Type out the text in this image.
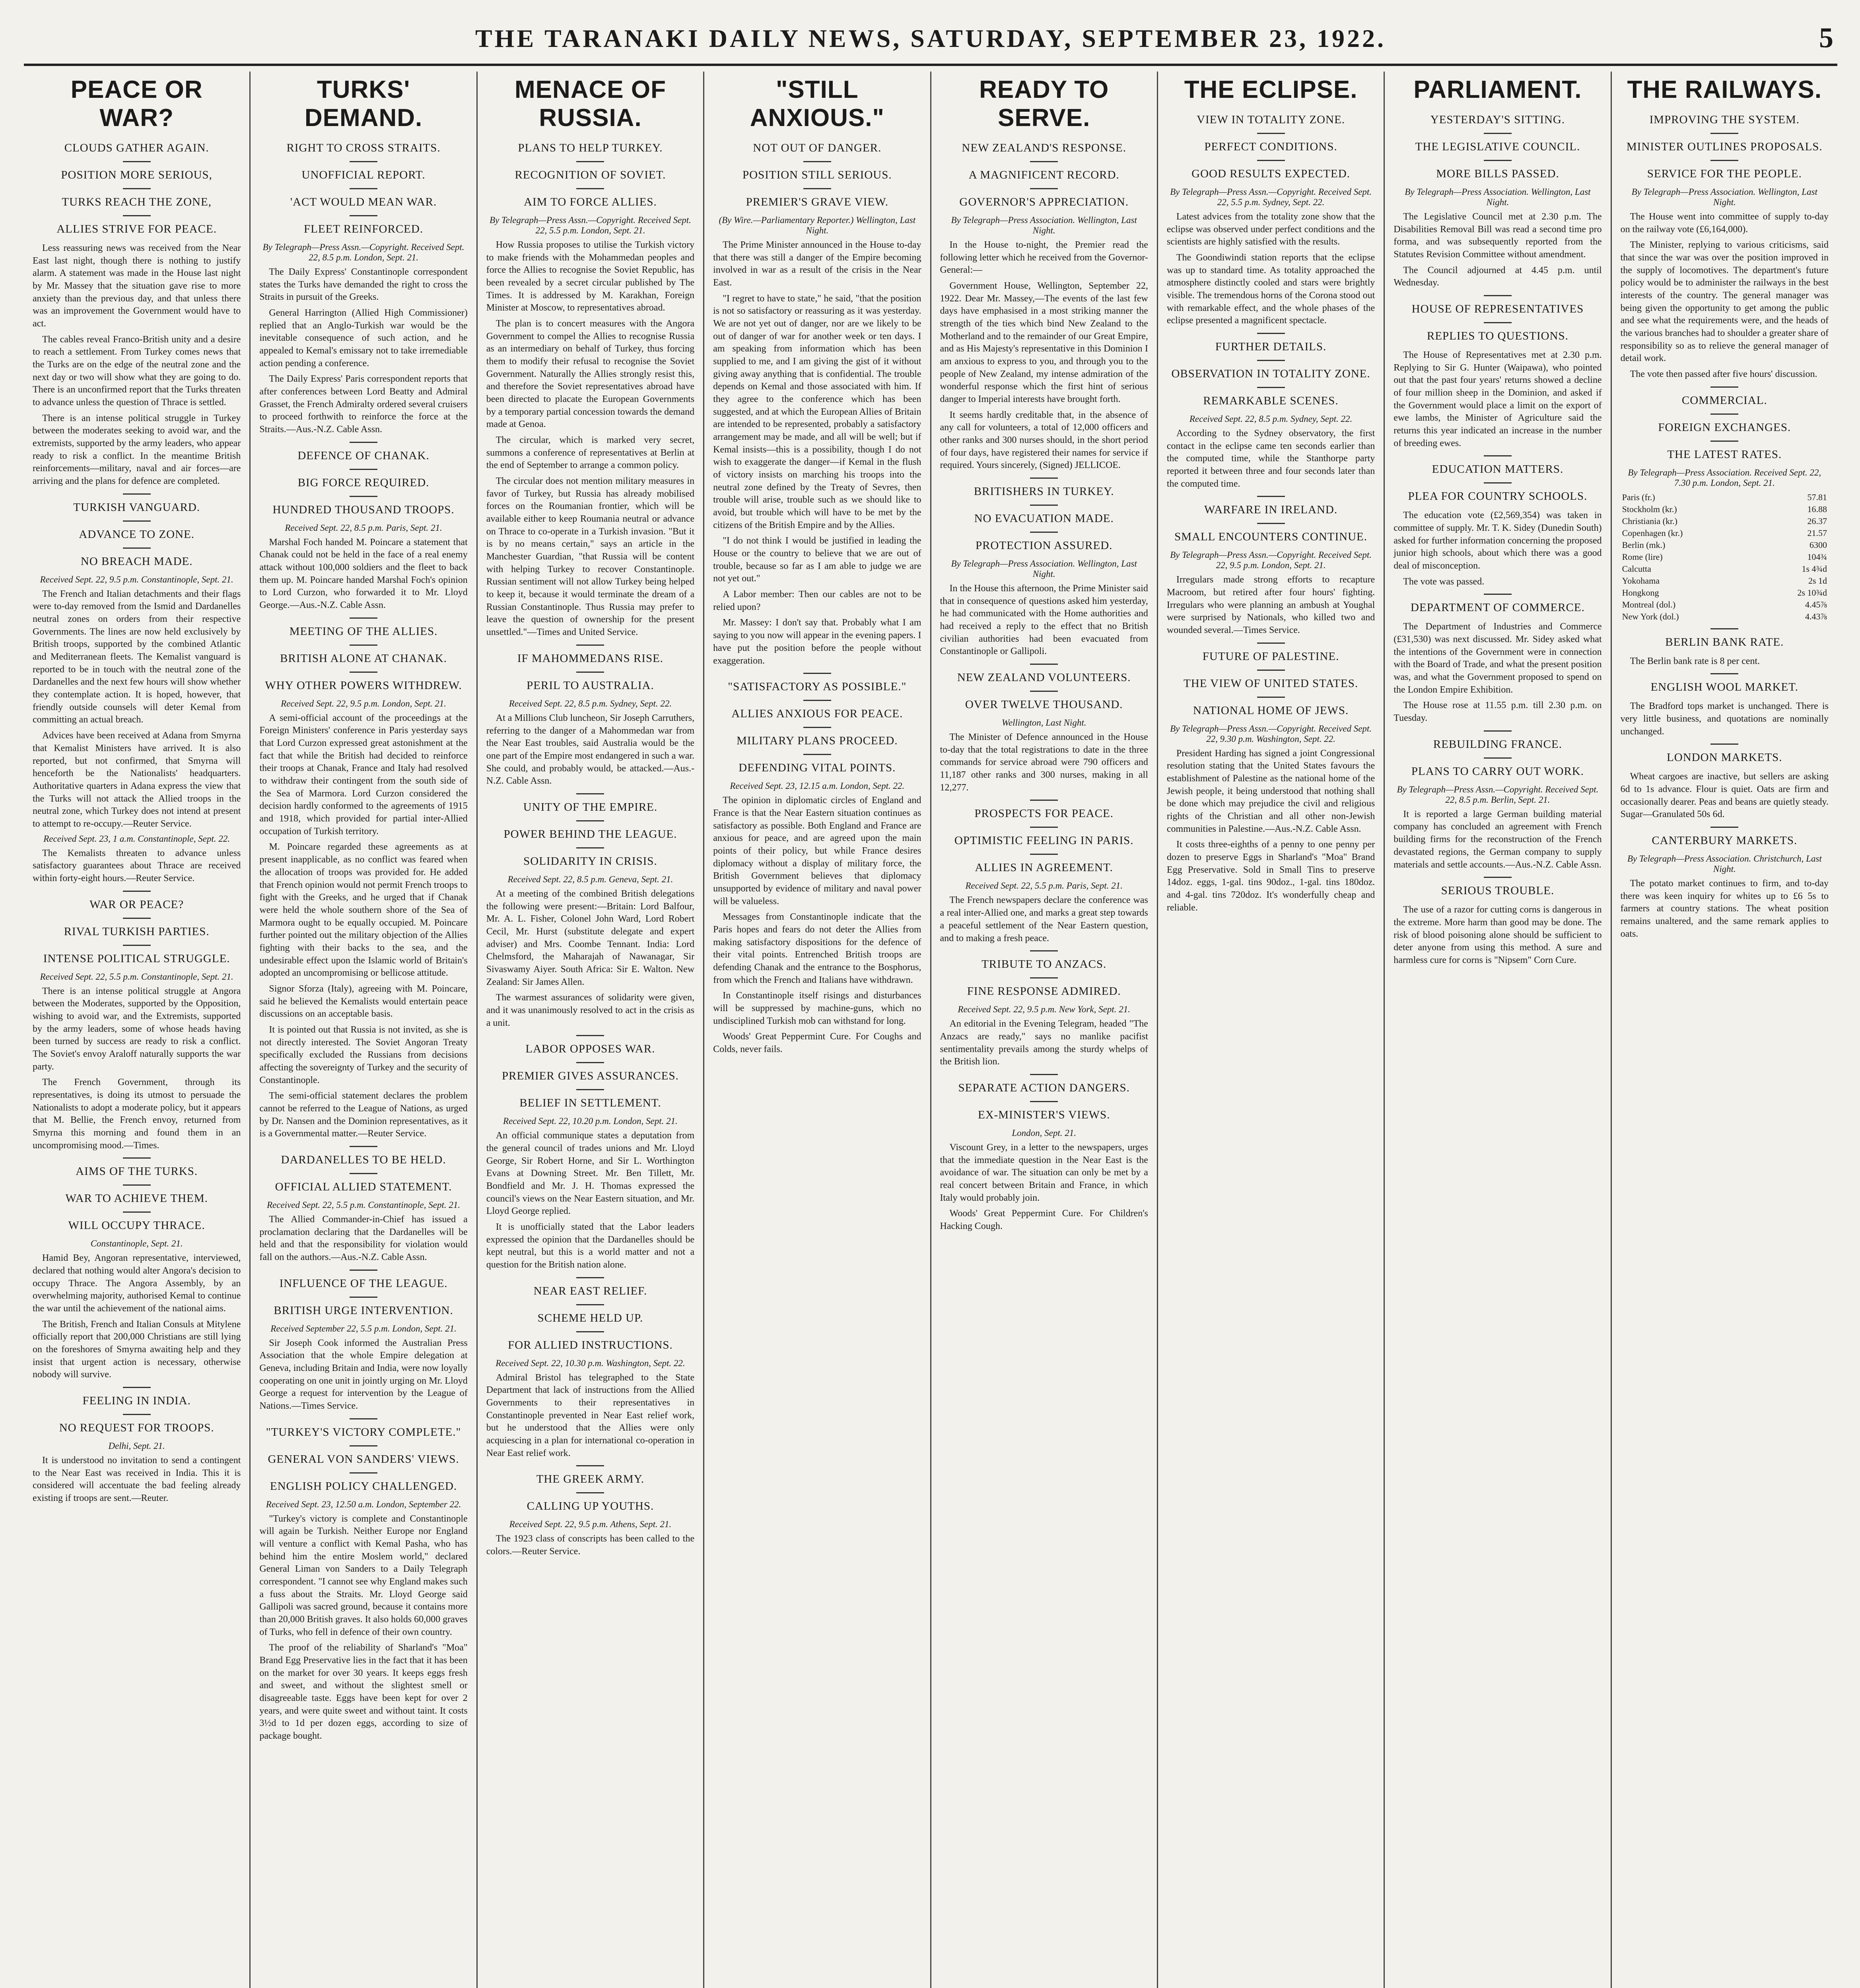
THE TARANAKI DAILY NEWS, SATURDAY, SEPTEMBER 23, 1922.	5
PEACE OR WAR?
CLOUDS GATHER AGAIN.
POSITION MORE SERIOUS,
TURKS REACH THE ZONE,
ALLIES STRIVE FOR PEACE.

Less reassuring news was received from the Near East last night, though there is nothing to justify alarm. A statement was made in the House last night by Mr. Massey that the situation gave rise to more anxiety than the previous day, and that unless there was an improvement the Government would have to act.

The cables reveal Franco-British unity and a desire to reach a settlement. From Turkey comes news that the Turks are on the edge of the neutral zone and the next day or two will show what they are going to do. There is an unconfirmed report that the Turks threaten to advance unless the question of Thrace is settled.

There is an intense political struggle in Turkey between the moderates seeking to avoid war, and the extremists, supported by the army leaders, who appear ready to risk a conflict. In the meantime British reinforcements—military, naval and air forces—are arriving and the plans for defence are completed.

TURKISH VANGUARD.
ADVANCE TO ZONE.
NO BREACH MADE.
Received Sept. 22, 9.5 p.m. Constantinople, Sept. 21.

The French and Italian detachments and their flags were to-day removed from the Ismid and Dardanelles neutral zones on orders from their respective Governments. The lines are now held exclusively by British troops, supported by the combined Atlantic and Mediterranean fleets. The Kemalist vanguard is reported to be in touch with the neutral zone of the Dardanelles and the next few hours will show whether they contemplate action. It is hoped, however, that friendly outside counsels will deter Kemal from committing an actual breach.

Advices have been received at Adana from Smyrna that Kemalist Ministers have arrived. It is also reported, but not confirmed, that Smyrna will henceforth be the Nationalists' headquarters. Authoritative quarters in Adana express the view that the Turks will not attack the Allied troops in the neutral zone, which Turkey does not intend at present to attempt to re-occupy.—Reuter Service.

Received Sept. 23, 1 a.m. Constantinople, Sept. 22.

The Kemalists threaten to advance unless satisfactory guarantees about Thrace are received within forty-eight hours.—Reuter Service.

WAR OR PEACE?
RIVAL TURKISH PARTIES.
INTENSE POLITICAL STRUGGLE.
Received Sept. 22, 5.5 p.m. Constantinople, Sept. 21.

There is an intense political struggle at Angora between the Moderates, supported by the Opposition, wishing to avoid war, and the Extremists, supported by the army leaders, some of whose heads having been turned by success are ready to risk a conflict. The Soviet's envoy Araloff naturally supports the war party.

The French Government, through its representatives, is doing its utmost to persuade the Nationalists to adopt a moderate policy, but it appears that M. Bellie, the French envoy, returned from Smyrna this morning and found them in an uncompromising mood.—Times.

AIMS OF THE TURKS.
WAR TO ACHIEVE THEM.
WILL OCCUPY THRACE.
Constantinople, Sept. 21.

Hamid Bey, Angoran representative, interviewed, declared that nothing would alter Angora's decision to occupy Thrace. The Angora Assembly, by an overwhelming majority, authorised Kemal to continue the war until the achievement of the national aims.

The British, French and Italian Consuls at Mitylene officially report that 200,000 Christians are still lying on the foreshores of Smyrna awaiting help and they insist that urgent action is necessary, otherwise nobody will survive.

FEELING IN INDIA.
NO REQUEST FOR TROOPS.
Delhi, Sept. 21.

It is understood no invitation to send a contingent to the Near East was received in India. This it is considered will accentuate the bad feeling already existing if troops are sent.—Reuter.

TURKS' DEMAND.
RIGHT TO CROSS STRAITS.
UNOFFICIAL REPORT.
'ACT WOULD MEAN WAR.
FLEET REINFORCED.
By Telegraph—Press Assn.—Copyright. Received Sept. 22, 8.5 p.m. London, Sept. 21.

The Daily Express' Constantinople correspondent states the Turks have demanded the right to cross the Straits in pursuit of the Greeks.

General Harrington (Allied High Commissioner) replied that an Anglo-Turkish war would be the inevitable consequence of such action, and he appealed to Kemal's emissary not to take irremediable action pending a conference.

The Daily Express' Paris correspondent reports that after conferences between Lord Beatty and Admiral Grasset, the French Admiralty ordered several cruisers to proceed forthwith to reinforce the force at the Straits.—Aus.-N.Z. Cable Assn.

DEFENCE OF CHANAK.
BIG FORCE REQUIRED.
HUNDRED THOUSAND TROOPS.
Received Sept. 22, 8.5 p.m. Paris, Sept. 21.

Marshal Foch handed M. Poincare a statement that Chanak could not be held in the face of a real enemy attack without 100,000 soldiers and the fleet to back them up. M. Poincare handed Marshal Foch's opinion to Lord Curzon, who forwarded it to Mr. Lloyd George.—Aus.-N.Z. Cable Assn.

MEETING OF THE ALLIES.
BRITISH ALONE AT CHANAK.
WHY OTHER POWERS WITHDREW.
Received Sept. 22, 9.5 p.m. London, Sept. 21.

A semi-official account of the proceedings at the Foreign Ministers' conference in Paris yesterday says that Lord Curzon expressed great astonishment at the fact that while the British had decided to reinforce their troops at Chanak, France and Italy had resolved to withdraw their contingent from the south side of the Sea of Marmora. Lord Curzon considered the decision hardly conformed to the agreements of 1915 and 1918, which provided for partial inter-Allied occupation of Turkish territory.

M. Poincare regarded these agreements as at present inapplicable, as no conflict was feared when the allocation of troops was provided for. He added that French opinion would not permit French troops to fight with the Greeks, and he urged that if Chanak were held the whole southern shore of the Sea of Marmora ought to be equally occupied. M. Poincare further pointed out the military objection of the Allies fighting with their backs to the sea, and the undesirable effect upon the Islamic world of Britain's adopted an uncompromising or bellicose attitude.

Signor Sforza (Italy), agreeing with M. Poincare, said he believed the Kemalists would entertain peace discussions on an acceptable basis.

It is pointed out that Russia is not invited, as she is not directly interested. The Soviet Angoran Treaty specifically excluded the Russians from decisions affecting the sovereignty of Turkey and the security of Constantinople.

The semi-official statement declares the problem cannot be referred to the League of Nations, as urged by Dr. Nansen and the Dominion representatives, as it is a Governmental matter.—Reuter Service.

DARDANELLES TO BE HELD.
OFFICIAL ALLIED STATEMENT.
Received Sept. 22, 5.5 p.m. Constantinople, Sept. 21.

The Allied Commander-in-Chief has issued a proclamation declaring that the Dardanelles will be held and that the responsibility for violation would fall on the authors.—Aus.-N.Z. Cable Assn.

INFLUENCE OF THE LEAGUE.
BRITISH URGE INTERVENTION.
Received September 22, 5.5 p.m. London, Sept. 21.

Sir Joseph Cook informed the Australian Press Association that the whole Empire delegation at Geneva, including Britain and India, were now loyally cooperating on one unit in jointly urging on Mr. Lloyd George a request for intervention by the League of Nations.—Times Service.

"TURKEY'S VICTORY COMPLETE."
GENERAL VON SANDERS' VIEWS.
ENGLISH POLICY CHALLENGED.
Received Sept. 23, 12.50 a.m. London, September 22.

"Turkey's victory is complete and Constantinople will again be Turkish. Neither Europe nor England will venture a conflict with Kemal Pasha, who has behind him the entire Moslem world," declared General Liman von Sanders to a Daily Telegraph correspondent. "I cannot see why England makes such a fuss about the Straits. Mr. Lloyd George said Gallipoli was sacred ground, because it contains more than 20,000 British graves. It also holds 60,000 graves of Turks, who fell in defence of their own country.

The proof of the reliability of Sharland's "Moa" Brand Egg Preservative lies in the fact that it has been on the market for over 30 years. It keeps eggs fresh and sweet, and without the slightest smell or disagreeable taste. Eggs have been kept for over 2 years, and were quite sweet and without taint. It costs 3½d to 1d per dozen eggs, according to size of package bought.

MENACE OF RUSSIA.
PLANS TO HELP TURKEY.
RECOGNITION OF SOVIET.
AIM TO FORCE ALLIES.
By Telegraph—Press Assn.—Copyright. Received Sept. 22, 5.5 p.m. London, Sept. 21.

How Russia proposes to utilise the Turkish victory to make friends with the Mohammedan peoples and force the Allies to recognise the Soviet Republic, has been revealed by a secret circular published by The Times. It is addressed by M. Karakhan, Foreign Minister at Moscow, to representatives abroad.

The plan is to concert measures with the Angora Government to compel the Allies to recognise Russia as an intermediary on behalf of Turkey, thus forcing them to modify their refusal to recognise the Soviet Government. Naturally the Allies strongly resist this, and therefore the Soviet representatives abroad have been directed to placate the European Governments by a temporary partial concession towards the demand made at Genoa.

The circular, which is marked very secret, summons a conference of representatives at Berlin at the end of September to arrange a common policy.

The circular does not mention military measures in favor of Turkey, but Russia has already mobilised forces on the Roumanian frontier, which will be available either to keep Roumania neutral or advance on Thrace to co-operate in a Turkish invasion. "But it is by no means certain," says an article in the Manchester Guardian, "that Russia will be content with helping Turkey to recover Constantinople. Russian sentiment will not allow Turkey being helped to keep it, because it would terminate the dream of a Russian Constantinople. Thus Russia may prefer to leave the question of ownership for the present unsettled."—Times and United Service.

IF MAHOMMEDANS RISE.
PERIL TO AUSTRALIA.
Received Sept. 22, 8.5 p.m. Sydney, Sept. 22.

At a Millions Club luncheon, Sir Joseph Carruthers, referring to the danger of a Mahommedan war from the Near East troubles, said Australia would be the one part of the Empire most endangered in such a war. She could, and probably would, be attacked.—Aus.-N.Z. Cable Assn.

UNITY OF THE EMPIRE.
POWER BEHIND THE LEAGUE.
SOLIDARITY IN CRISIS.
Received Sept. 22, 8.5 p.m. Geneva, Sept. 21.

At a meeting of the combined British delegations the following were present:—Britain: Lord Balfour, Mr. A. L. Fisher, Colonel John Ward, Lord Robert Cecil, Mr. Hurst (substitute delegate and expert adviser) and Mrs. Coombe Tennant. India: Lord Chelmsford, the Maharajah of Nawanagar, Sir Sivaswamy Aiyer. South Africa: Sir E. Walton. New Zealand: Sir James Allen.

The warmest assurances of solidarity were given, and it was unanimously resolved to act in the crisis as a unit.

LABOR OPPOSES WAR.
PREMIER GIVES ASSURANCES.
BELIEF IN SETTLEMENT.
Received Sept. 22, 10.20 p.m. London, Sept. 21.

An official communique states a deputation from the general council of trades unions and Mr. Lloyd George, Sir Robert Horne, and Sir L. Worthington Evans at Downing Street. Mr. Ben Tillett, Mr. Bondfield and Mr. J. H. Thomas expressed the council's views on the Near Eastern situation, and Mr. Lloyd George replied.

It is unofficially stated that the Labor leaders expressed the opinion that the Dardanelles should be kept neutral, but this is a world matter and not a question for the British nation alone.

NEAR EAST RELIEF.
SCHEME HELD UP.
FOR ALLIED INSTRUCTIONS.
Received Sept. 22, 10.30 p.m. Washington, Sept. 22.

Admiral Bristol has telegraphed to the State Department that lack of instructions from the Allied Governments to their representatives in Constantinople prevented in Near East relief work, but he understood that the Allies were only acquiescing in a plan for international co-operation in Near East relief work.

THE GREEK ARMY.
CALLING UP YOUTHS.
Received Sept. 22, 9.5 p.m. Athens, Sept. 21.

The 1923 class of conscripts has been called to the colors.—Reuter Service.

"STILL ANXIOUS."
NOT OUT OF DANGER.
POSITION STILL SERIOUS.
PREMIER'S GRAVE VIEW.
(By Wire.—Parliamentary Reporter.) Wellington, Last Night.

The Prime Minister announced in the House to-day that there was still a danger of the Empire becoming involved in war as a result of the crisis in the Near East.

"I regret to have to state," he said, "that the position is not so satisfactory or reassuring as it was yesterday. We are not yet out of danger, nor are we likely to be out of danger of war for another week or ten days. I am speaking from information which has been supplied to me, and I am giving the gist of it without giving away anything that is confidential. The trouble depends on Kemal and those associated with him. If they agree to the conference which has been suggested, and at which the European Allies of Britain are intended to be represented, probably a satisfactory arrangement may be made, and all will be well; but if Kemal insists—this is a possibility, though I do not wish to exaggerate the danger—if Kemal in the flush of victory insists on marching his troops into the neutral zone defined by the Treaty of Sevres, then trouble will arise, trouble such as we should like to avoid, but trouble which will have to be met by the citizens of the British Empire and by the Allies.

"I do not think I would be justified in leading the House or the country to believe that we are out of trouble, because so far as I am able to judge we are not yet out."

A Labor member: Then our cables are not to be relied upon?

Mr. Massey: I don't say that. Probably what I am saying to you now will appear in the evening papers. I have put the position before the people without exaggeration.

"SATISFACTORY AS POSSIBLE."
ALLIES ANXIOUS FOR PEACE.
MILITARY PLANS PROCEED.
DEFENDING VITAL POINTS.
Received Sept. 23, 12.15 a.m. London, Sept. 22.

The opinion in diplomatic circles of England and France is that the Near Eastern situation continues as satisfactory as possible. Both England and France are anxious for peace, and are agreed upon the main points of their policy, but while France desires diplomacy without a display of military force, the British Government believes that diplomacy unsupported by evidence of military and naval power will be valueless.

Messages from Constantinople indicate that the Paris hopes and fears do not deter the Allies from making satisfactory dispositions for the defence of their vital points. Entrenched British troops are defending Chanak and the entrance to the Bosphorus, from which the French and Italians have withdrawn.

In Constantinople itself risings and disturbances will be suppressed by machine-guns, which no undisciplined Turkish mob can withstand for long.

Woods' Great Peppermint Cure. For Coughs and Colds, never fails.

READY TO SERVE.
NEW ZEALAND'S RESPONSE.
A MAGNIFICENT RECORD.
GOVERNOR'S APPRECIATION.
By Telegraph—Press Association. Wellington, Last Night.

In the House to-night, the Premier read the following letter which he received from the Governor-General:—

Government House, Wellington, September 22, 1922. Dear Mr. Massey,—The events of the last few days have emphasised in a most striking manner the strength of the ties which bind New Zealand to the Motherland and to the remainder of our Great Empire, and as His Majesty's representative in this Dominion I am anxious to express to you, and through you to the people of New Zealand, my intense admiration of the wonderful response which the first hint of serious danger to Imperial interests have brought forth.

It seems hardly creditable that, in the absence of any call for volunteers, a total of 12,000 officers and other ranks and 300 nurses should, in the short period of four days, have registered their names for service if required. Yours sincerely, (Signed) JELLICOE.

BRITISHERS IN TURKEY.
NO EVACUATION MADE.
PROTECTION ASSURED.
By Telegraph—Press Association. Wellington, Last Night.

In the House this afternoon, the Prime Minister said that in consequence of questions asked him yesterday, he had communicated with the Home authorities and had received a reply to the effect that no British civilian authorities had been evacuated from Constantinople or Gallipoli.

NEW ZEALAND VOLUNTEERS.
OVER TWELVE THOUSAND.
Wellington, Last Night.

The Minister of Defence announced in the House to-day that the total registrations to date in the three commands for service abroad were 790 officers and 11,187 other ranks and 300 nurses, making in all 12,277.

PROSPECTS FOR PEACE.
OPTIMISTIC FEELING IN PARIS.
ALLIES IN AGREEMENT.
Received Sept. 22, 5.5 p.m. Paris, Sept. 21.

The French newspapers declare the conference was a real inter-Allied one, and marks a great step towards a peaceful settlement of the Near Eastern question, and to making a fresh peace.

TRIBUTE TO ANZACS.
FINE RESPONSE ADMIRED.
Received Sept. 22, 9.5 p.m. New York, Sept. 21.

An editorial in the Evening Telegram, headed "The Anzacs are ready," says no manlike pacifist sentimentality prevails among the sturdy whelps of the British lion.

SEPARATE ACTION DANGERS.
EX-MINISTER'S VIEWS.
London, Sept. 21.

Viscount Grey, in a letter to the newspapers, urges that the immediate question in the Near East is the avoidance of war. The situation can only be met by a real concert between Britain and France, in which Italy would probably join.

Woods' Great Peppermint Cure. For Children's Hacking Cough.

THE ECLIPSE.
VIEW IN TOTALITY ZONE.
PERFECT CONDITIONS.
GOOD RESULTS EXPECTED.
By Telegraph—Press Assn.—Copyright. Received Sept. 22, 5.5 p.m. Sydney, Sept. 22.

Latest advices from the totality zone show that the eclipse was observed under perfect conditions and the scientists are highly satisfied with the results.

The Goondiwindi station reports that the eclipse was up to standard time. As totality approached the atmosphere distinctly cooled and stars were brightly visible. The tremendous horns of the Corona stood out with remarkable effect, and the whole phases of the eclipse presented a magnificent spectacle.

FURTHER DETAILS.
OBSERVATION IN TOTALITY ZONE.
REMARKABLE SCENES.
Received Sept. 22, 8.5 p.m. Sydney, Sept. 22.

According to the Sydney observatory, the first contact in the eclipse came ten seconds earlier than the computed time, while the Stanthorpe party reported it between three and four seconds later than the computed time.

WARFARE IN IRELAND.
SMALL ENCOUNTERS CONTINUE.
By Telegraph—Press Assn.—Copyright. Received Sept. 22, 9.5 p.m. London, Sept. 21.

Irregulars made strong efforts to recapture Macroom, but retired after four hours' fighting. Irregulars who were planning an ambush at Youghal were surprised by Nationals, who killed two and wounded several.—Times Service.

FUTURE OF PALESTINE.
THE VIEW OF UNITED STATES.
NATIONAL HOME OF JEWS.
By Telegraph—Press Assn.—Copyright. Received Sept. 22, 9.30 p.m. Washington, Sept. 22.

President Harding has signed a joint Congressional resolution stating that the United States favours the establishment of Palestine as the national home of the Jewish people, it being understood that nothing shall be done which may prejudice the civil and religious rights of the Christian and all other non-Jewish communities in Palestine.—Aus.-N.Z. Cable Assn.

It costs three-eighths of a penny to one penny per dozen to preserve Eggs in Sharland's "Moa" Brand Egg Preservative. Sold in Small Tins to preserve 14doz. eggs, 1-gal. tins 90doz., 1-gal. tins 180doz. and 4-gal. tins 720doz. It's wonderfully cheap and reliable.

PARLIAMENT.
YESTERDAY'S SITTING.
THE LEGISLATIVE COUNCIL.
MORE BILLS PASSED.
By Telegraph—Press Association. Wellington, Last Night.

The Legislative Council met at 2.30 p.m. The Disabilities Removal Bill was read a second time pro forma, and was subsequently reported from the Statutes Revision Committee without amendment.

The Council adjourned at 4.45 p.m. until Wednesday.

HOUSE OF REPRESENTATIVES
REPLIES TO QUESTIONS.

The House of Representatives met at 2.30 p.m. Replying to Sir G. Hunter (Waipawa), who pointed out that the past four years' returns showed a decline of four million sheep in the Dominion, and asked if the Government would place a limit on the export of ewe lambs, the Minister of Agriculture said the returns this year indicated an increase in the number of breeding ewes.

EDUCATION MATTERS.
PLEA FOR COUNTRY SCHOOLS.

The education vote (£2,569,354) was taken in committee of supply. Mr. T. K. Sidey (Dunedin South) asked for further information concerning the proposed junior high schools, about which there was a good deal of misconception.

The vote was passed.

DEPARTMENT OF COMMERCE.

The Department of Industries and Commerce (£31,530) was next discussed. Mr. Sidey asked what the intentions of the Government were in connection with the Board of Trade, and what the present position was, and what the Government proposed to spend on the London Empire Exhibition.

The House rose at 11.55 p.m. till 2.30 p.m. on Tuesday.

REBUILDING FRANCE.
PLANS TO CARRY OUT WORK.
By Telegraph—Press Assn.—Copyright. Received Sept. 22, 8.5 p.m. Berlin, Sept. 21.

It is reported a large German building material company has concluded an agreement with French building firms for the reconstruction of the French devastated regions, the German company to supply materials and settle accounts.—Aus.-N.Z. Cable Assn.

SERIOUS TROUBLE.

The use of a razor for cutting corns is dangerous in the extreme. More harm than good may be done. The risk of blood poisoning alone should be sufficient to deter anyone from using this method. A sure and harmless cure for corns is "Nipsem" Corn Cure.

THE RAILWAYS.
IMPROVING THE SYSTEM.
MINISTER OUTLINES PROPOSALS.
SERVICE FOR THE PEOPLE.
By Telegraph—Press Association. Wellington, Last Night.

The House went into committee of supply to-day on the railway vote (£6,164,000).

The Minister, replying to various criticisms, said that since the war was over the position improved in the supply of locomotives. The department's future policy would be to administer the railways in the best interests of the country. The general manager was being given the opportunity to get among the public and see what the requirements were, and the heads of the various branches had to shoulder a greater share of responsibility so as to relieve the general manager of detail work.

The vote then passed after five hours' discussion.

COMMERCIAL.
FOREIGN EXCHANGES.
THE LATEST RATES.
By Telegraph—Press Association. Received Sept. 22, 7.30 p.m. London, Sept. 21.
Paris (fr.)	57.81
Stockholm (kr.)	16.88
Christiania (kr.)	26.37
Copenhagen (kr.)	21.57
Berlin (mk.)	6300
Rome (lire)	104¾
Calcutta	1s 4¾d
Yokohama	2s 1d
Hongkong	2s 10¾d
Montreal (dol.)	4.45⅞
New York (dol.)	4.43⅞
BERLIN BANK RATE.

The Berlin bank rate is 8 per cent.

ENGLISH WOOL MARKET.

The Bradford tops market is unchanged. There is very little business, and quotations are nominally unchanged.

LONDON MARKETS.

Wheat cargoes are inactive, but sellers are asking 6d to 1s advance. Flour is quiet. Oats are firm and occasionally dearer. Peas and beans are quietly steady. Sugar—Granulated 50s 6d.

CANTERBURY MARKETS.
By Telegraph—Press Association. Christchurch, Last Night.

The potato market continues to firm, and to-day there was keen inquiry for whites up to £6 5s to farmers at country stations. The wheat position remains unaltered, and the same remark applies to oats.
